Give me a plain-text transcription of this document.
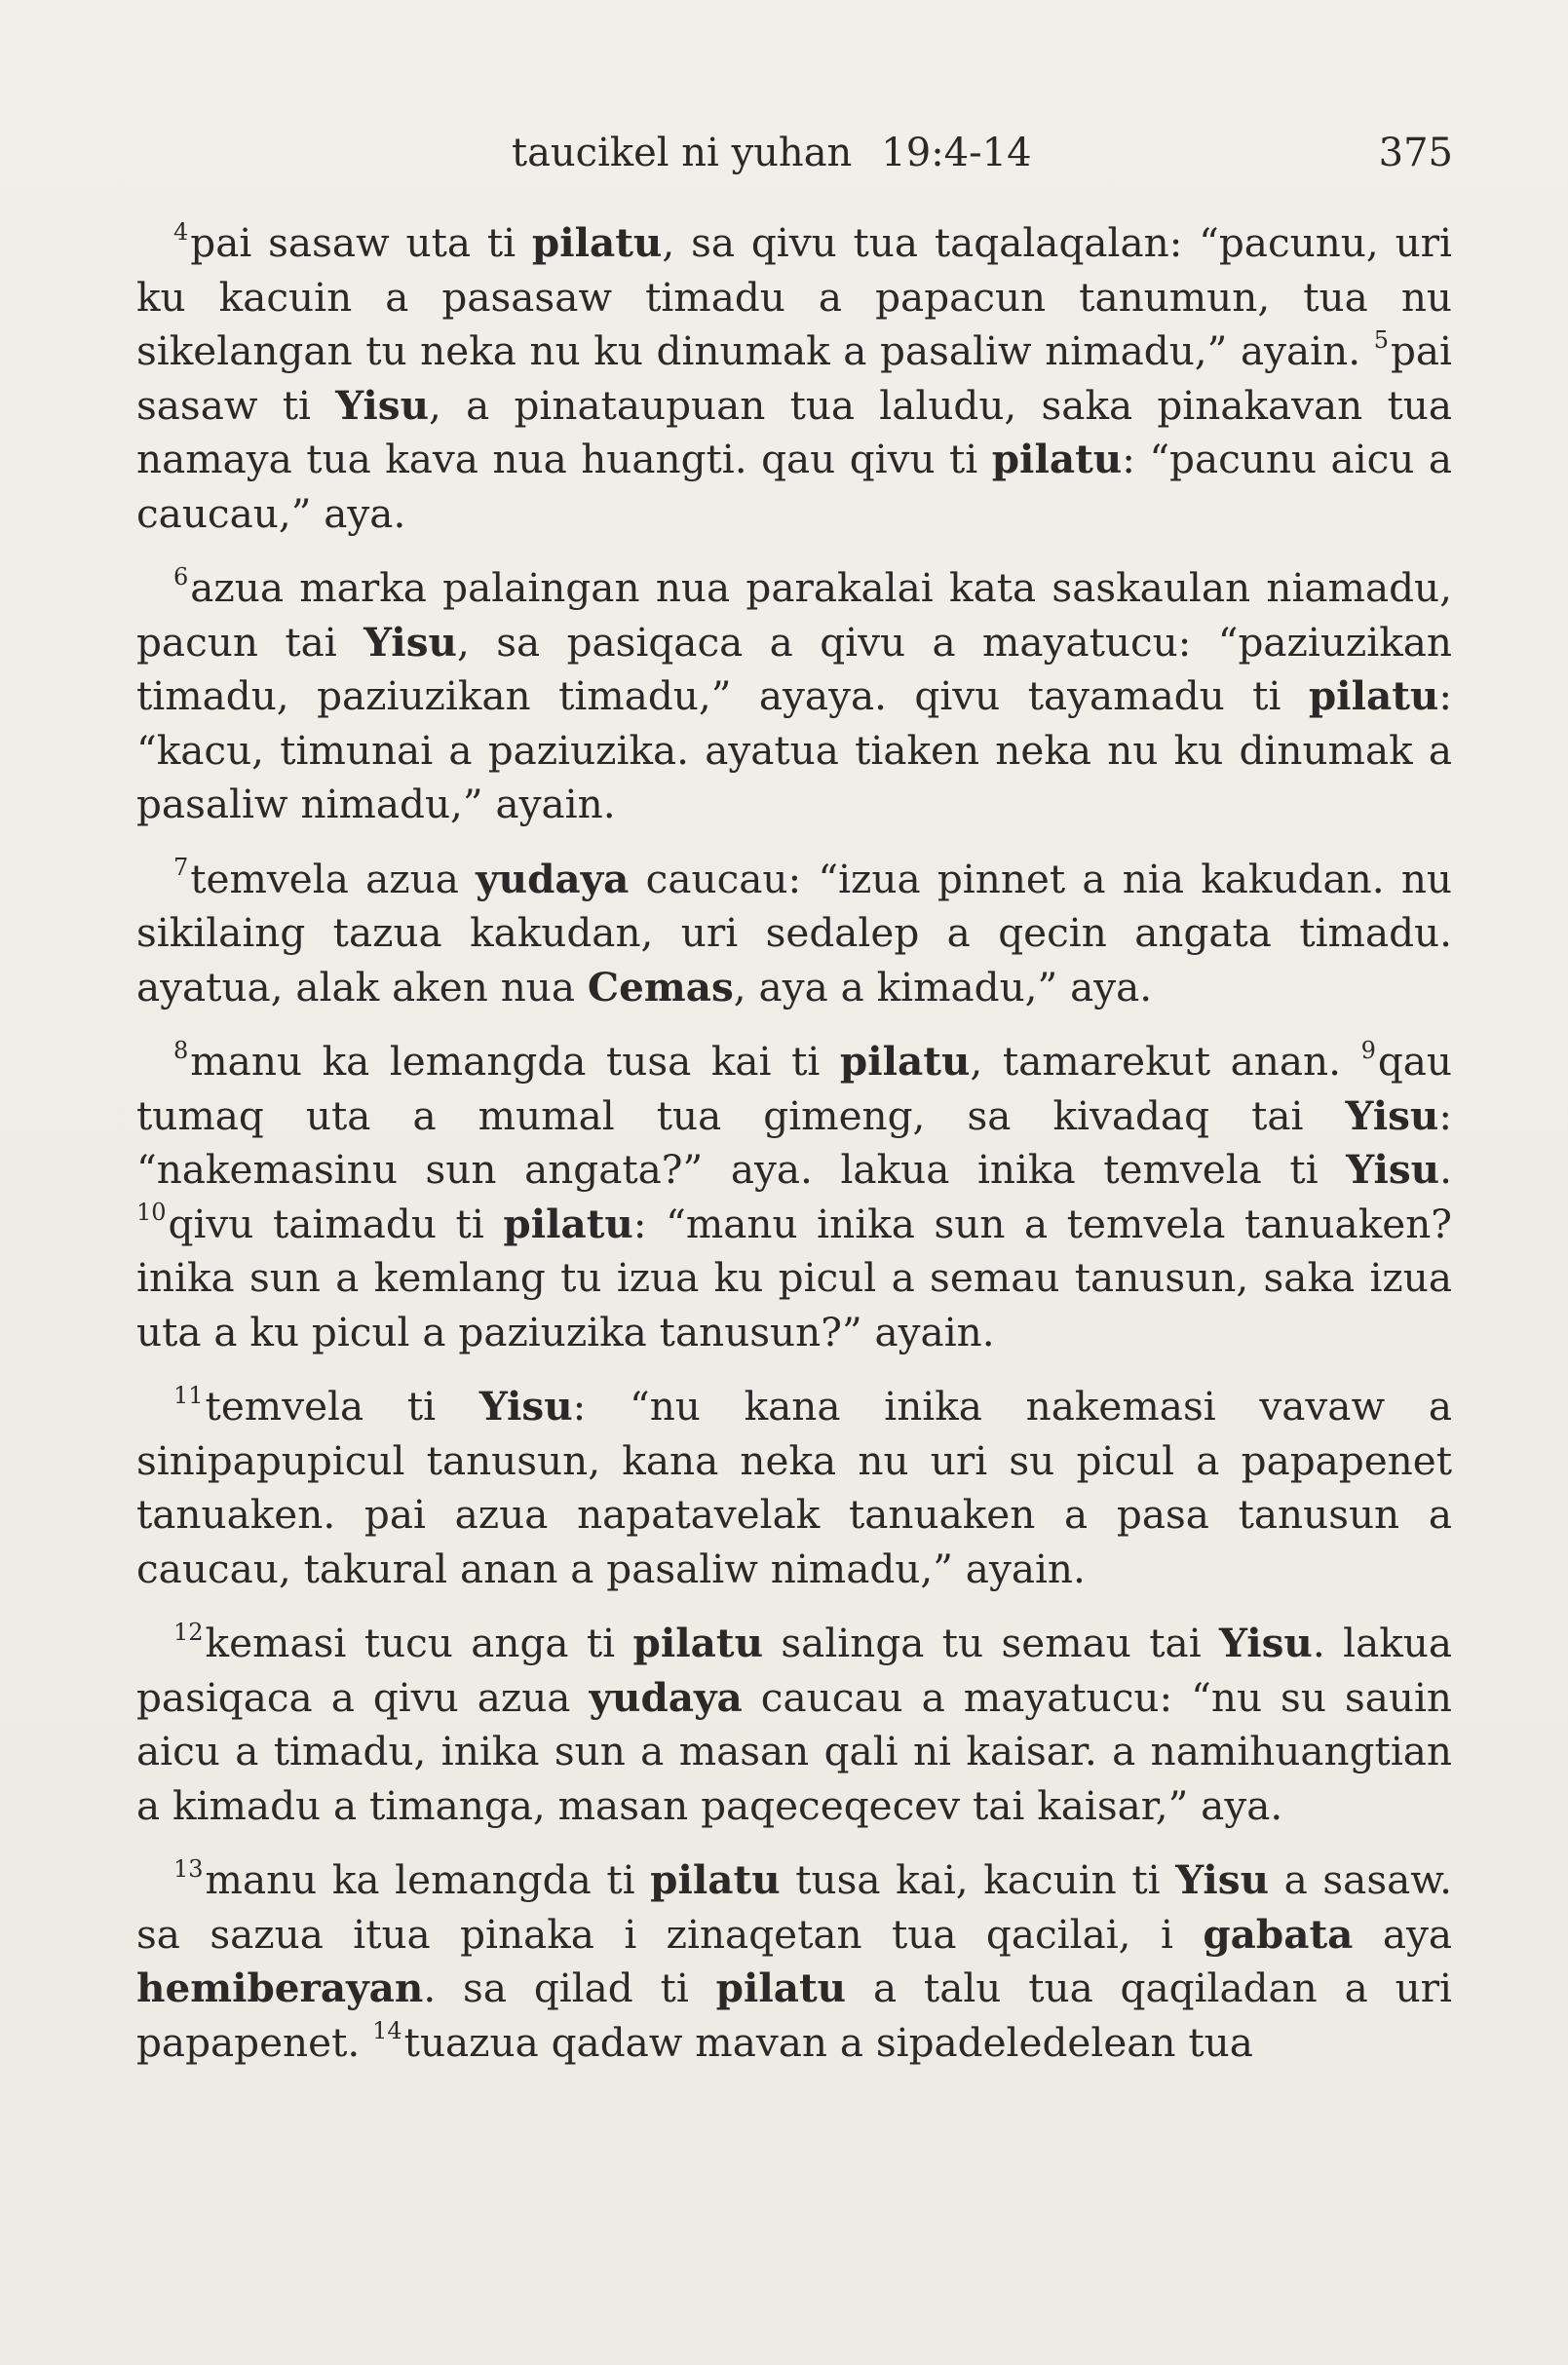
taucikel ni yuhan 19:4-14	375

$^4$pai sasaw uta ti pilatu, sa qivu tua taqalaqalan: “pacunu, uri ku kacuin a pasasaw timadu a papacun tanumun, tua nu sikelangan tu neka nu ku dinumak a pasaliw nimadu,” ayain. $^5$pai sasaw ti Yisu, a pinataupuan tua laludu, saka pinakavan tua namaya tua kava nua huangti. qau qivu ti pilatu: “pacunu aicu a caucau,” aya.

$^6$azua marka palaingan nua parakalai kata saskaulan niamadu, pacun tai Yisu, sa pasiqaca a qivu a mayatucu: “paziuzikan timadu, paziuzikan timadu,” ayaya. qivu tayamadu ti pilatu: “kacu, timunai a paziuzika. ayatua tiaken neka nu ku dinumak a pasaliw nimadu,” ayain.

$^7$temvela azua yudaya caucau: “izua pinnet a nia kakudan. nu sikilaing tazua kakudan, uri sedalep a qecin angata timadu. ayatua, alak aken nua Cemas, aya a kimadu,” aya.

$^8$manu ka lemangda tusa kai ti pilatu, tamarekut anan. $^9$qau tumaq uta a mumal tua gimeng, sa kivadaq tai Yisu: “nakemasinu sun angata?” aya. lakua inika temvela ti Yisu. $^{10}$qivu taimadu ti pilatu: “manu inika sun a temvela tanuaken? inika sun a kemlang tu izua ku picul a semau tanusun, saka izua uta a ku picul a paziuzika tanusun?” ayain.

$^{11}$temvela ti Yisu: “nu kana inika nakemasi vavaw a sinipapupicul tanusun, kana neka nu uri su picul a papapenet tanuaken. pai azua napatavelak tanuaken a pasa tanusun a caucau, takural anan a pasaliw nimadu,” ayain.

$^{12}$kemasi tucu anga ti pilatu salinga tu semau tai Yisu. lakua pasiqaca a qivu azua yudaya caucau a mayatucu: “nu su sauin aicu a timadu, inika sun a masan qali ni kaisar. a namihuangtian a kimadu a timanga, masan paqeceqecev tai kaisar,” aya.

$^{13}$manu ka lemangda ti pilatu tusa kai, kacuin ti Yisu a sasaw. sa sazua itua pinaka i zinaqetan tua qacilai, i gabata aya hemiberayan. sa qilad ti pilatu a talu tua qaqiladan a uri papapenet. $^{14}$tuazua qadaw mavan a sipadeledelean tua
